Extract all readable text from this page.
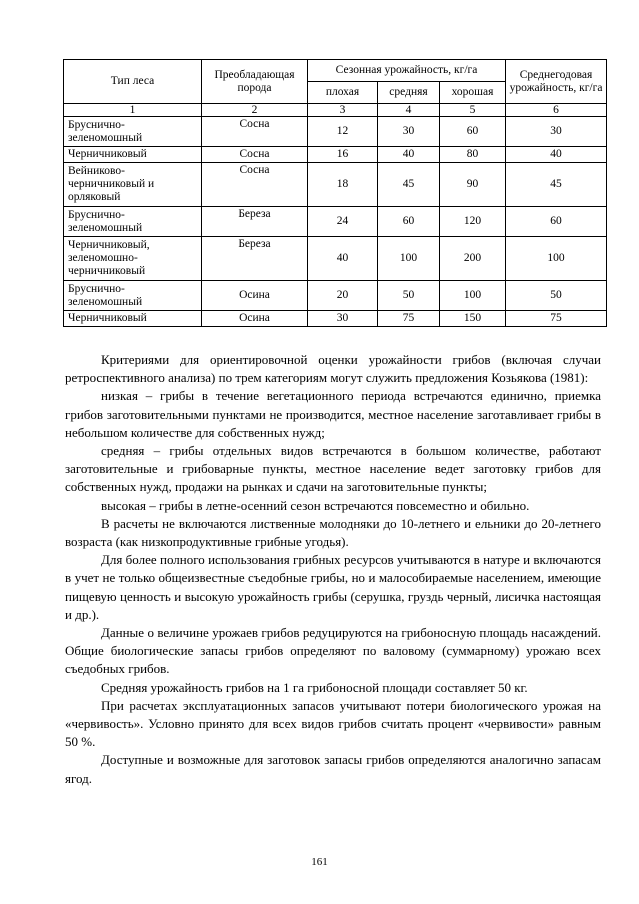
Тип леса	Преобладающая порода	Сезонная урожайность, кг/га			Среднегодовая урожайность, кг/га
		плохая	средняя	хорошая	
1	2	3	4	5	6
Брусничнo-зеленомошный	Сосна	12	30	60	30
Черничниковый	Сосна	16	40	80	40
Вейниково-черничниковый и орляковый	Сосна	18	45	90	45
Брусничнo-зеленомошный	Береза	24	60	120	60
Черничниковый, зеленомошно-черничниковый	Береза	40	100	200	100
Брусничнo-зеленомошный	Осина	20	50	100	50
Черничниковый	Осина	30	75	150	75

Критериями для ориентировочной оценки урожайности грибов (включая случаи ретроспективного анализа) по трем категориям могут служить предложения Козьякова (1981):

низкая – грибы в течение вегетационного периода встречаются единично, приемка грибов заготовительными пунктами не производится, местное население заготавливает грибы в небольшом количестве для собственных нужд;

средняя – грибы отдельных видов встречаются в большом количестве, работают заготовительные и грибоварные пункты, местное население ведет заготовку грибов для собственных нужд, продажи на рынках и сдачи на заготовительные пункты;

высокая – грибы в летне-осенний сезон встречаются повсеместно и обильно.

В расчеты не включаются лиственные молодняки до 10-летнего и ельники до 20-летнего возраста (как низкопродуктивные грибные угодья).

Для более полного использования грибных ресурсов учитываются в натуре и включаются в учет не только общеизвестные съедобные грибы, но и малособираемые населением, имеющие пищевую ценность и высокую урожайность грибы (серушка, груздь черный, лисичка настоящая и др.).

Данные о величине урожаев грибов редуцируются на грибоносную площадь насаждений. Общие биологические запасы грибов определяют по валовому (суммарному) урожаю всех съедобных грибов.

Средняя урожайность грибов на 1 га грибоносной площади составляет 50 кг.

При расчетах эксплуатационных запасов учитывают потери биологического урожая на «червивость». Условно принято для всех видов грибов считать процент «червивости» равным 50 %.

Доступные и возможные для заготовок запасы грибов определяются аналогично запасам ягод.

161
